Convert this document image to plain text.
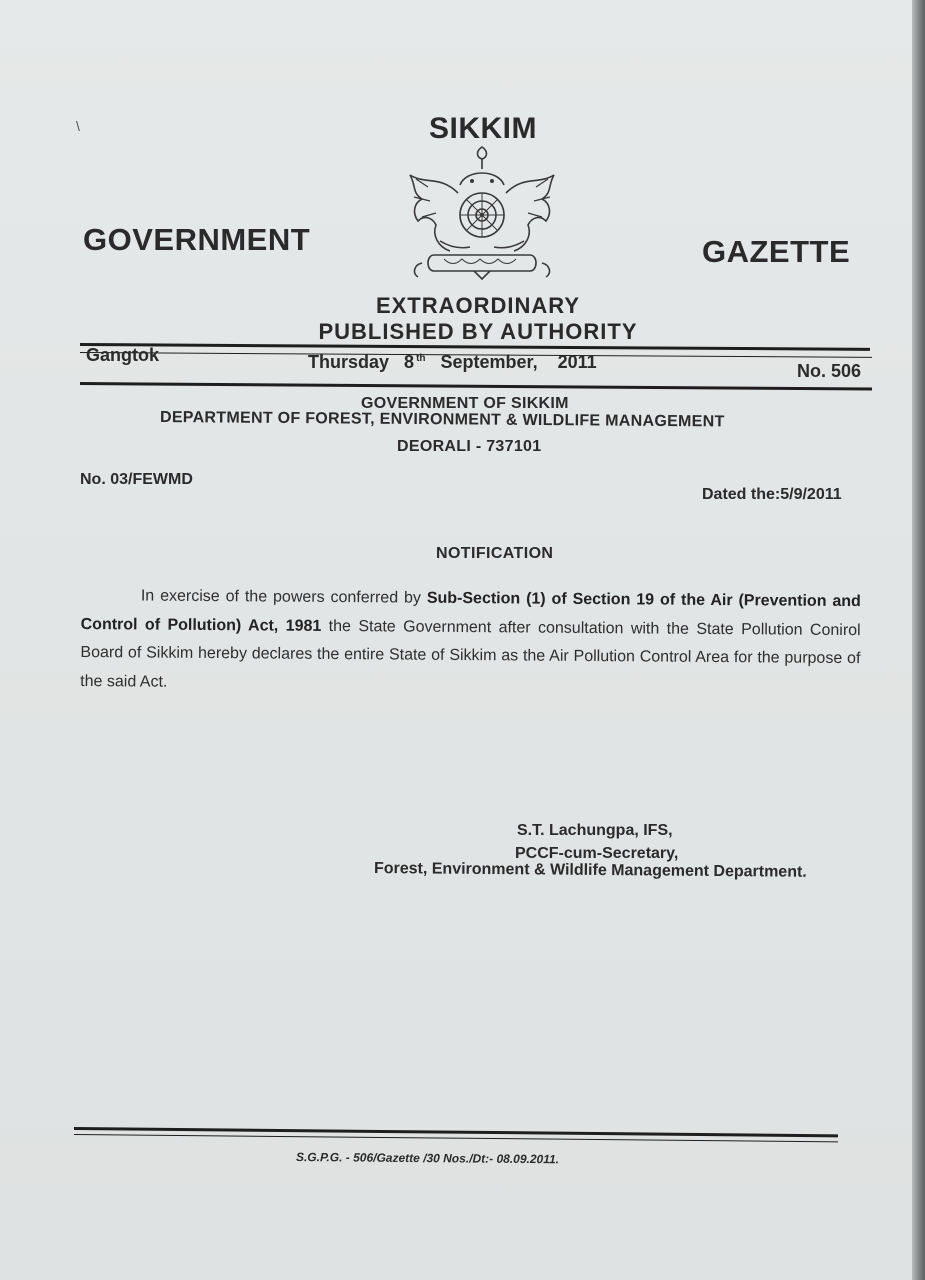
\	SIKKIM
GOVERNMENT	GAZETTE
EXTRAORDINARY
PUBLISHED BY AUTHORITY
Gangtok	Thursday 8 th September, 2011	No. 506
GOVERNMENT OF SIKKIM
DEPARTMENT OF FOREST, ENVIRONMENT & WILDLIFE MANAGEMENT
DEORALI - 737101
No. 03/FEWMD
Dated the:5/9/2011
NOTIFICATION

In exercise of the powers conferred by Sub-Section (1) of Section 19 of the Air (Prevention and Control of Pollution) Act, 1981 the State Government after consultation with the State Pollution Conirol Board of Sikkim hereby declares the entire State of Sikkim as the Air Pollution Control Area for the purpose of the said Act.

S.T. Lachungpa, IFS,
PCCF-cum-Secretary,
Forest, Environment & Wildlife Management Department.
S.G.P.G. - 506/Gazette /30 Nos./Dt:- 08.09.2011.
